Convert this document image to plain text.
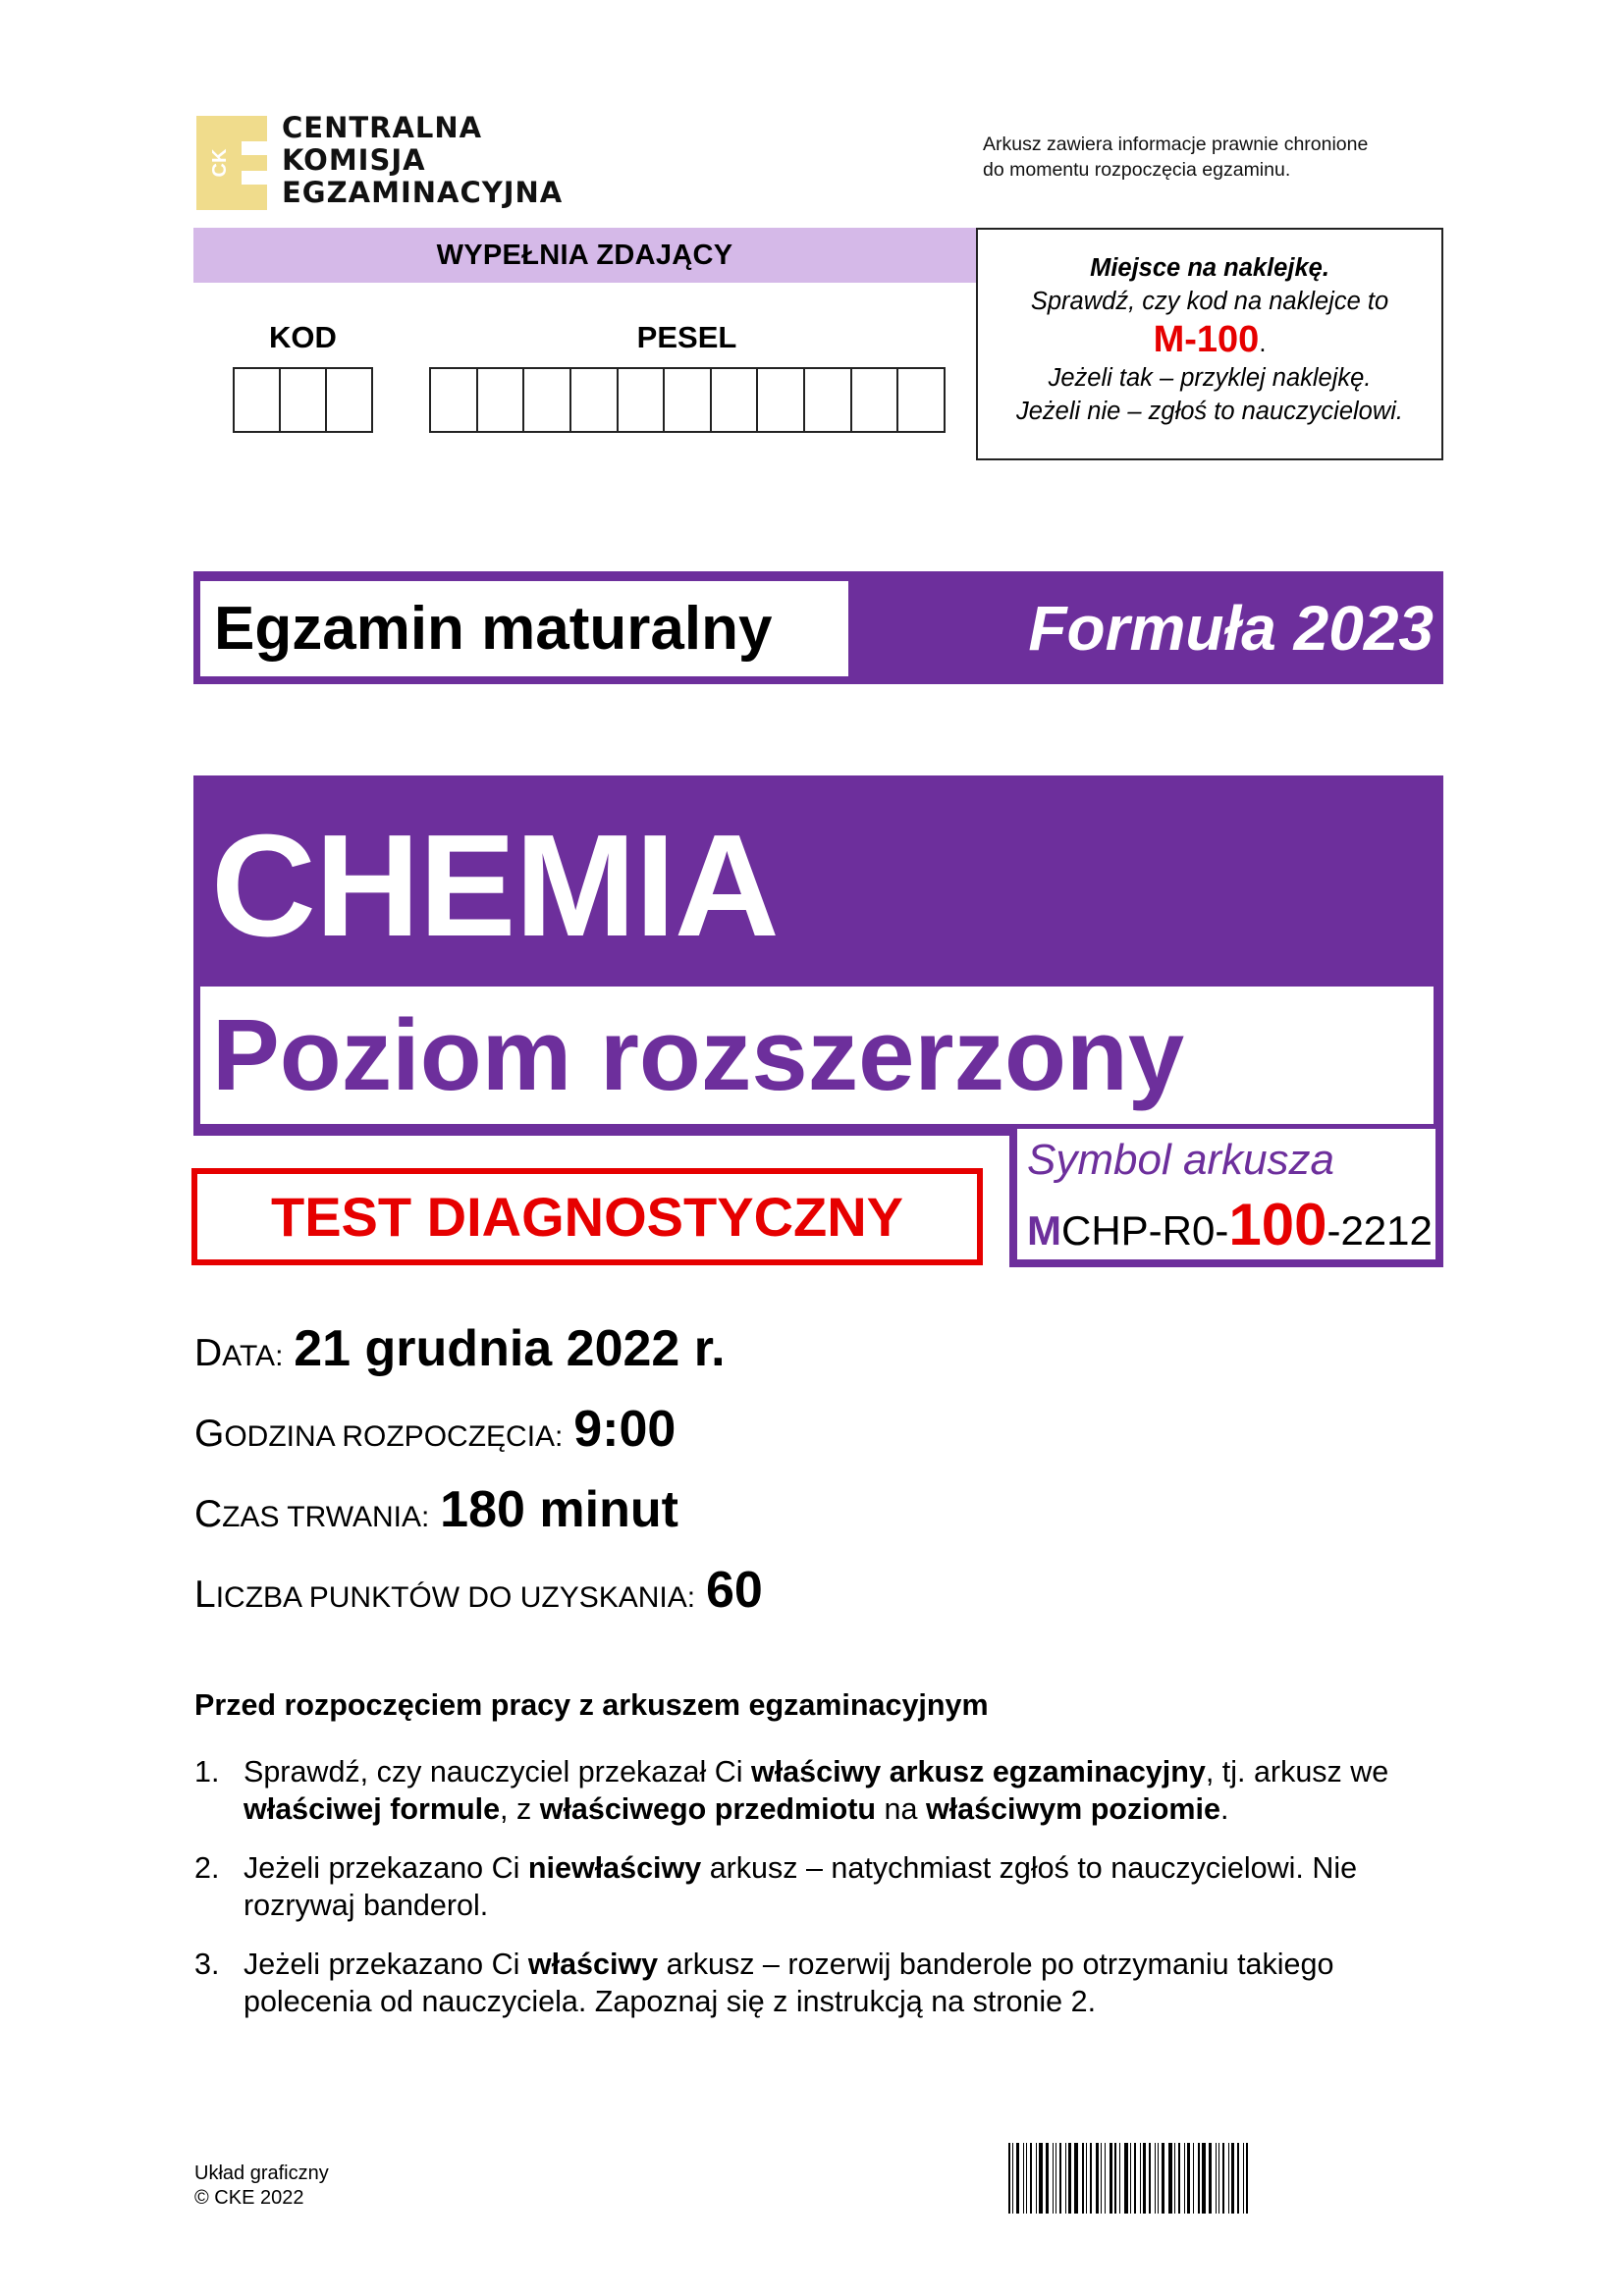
CK
CENTRALNA
KOMISJA
EGZAMINACYJNA
Arkusz zawiera informacje prawnie chronione
do momentu rozpoczęcia egzaminu.
WYPEŁNIA ZDAJĄCY
KOD	PESEL
Miejsce na naklejkę.
Sprawdź, czy kod na naklejce to
M-100.
Jeżeli tak – przyklej naklejkę.
Jeżeli nie – zgłoś to nauczycielowi.
Egzamin maturalny	Formuła 2023
CHEMIA
Poziom rozszerzony
Symbol arkusza
MCHP-R0-100-2212
TEST DIAGNOSTYCZNY
DATA: 21 grudnia 2022 r.
GODZINA ROZPOCZĘCIA: 9:00
CZAS TRWANIA: 180 minut
LICZBA PUNKTÓW DO UZYSKANIA: 60
Przed rozpoczęciem pracy z arkuszem egzaminacyjnym
1. Sprawdź, czy nauczyciel przekazał Ci właściwy arkusz egzaminacyjny, tj. arkusz we właściwej formule, z właściwego przedmiotu na właściwym poziomie.
2. Jeżeli przekazano Ci niewłaściwy arkusz – natychmiast zgłoś to nauczycielowi. Nie rozrywaj banderol.
3. Jeżeli przekazano Ci właściwy arkusz – rozerwij banderole po otrzymaniu takiego polecenia od nauczyciela. Zapoznaj się z instrukcją na stronie 2.
Układ graficzny
© CKE 2022
